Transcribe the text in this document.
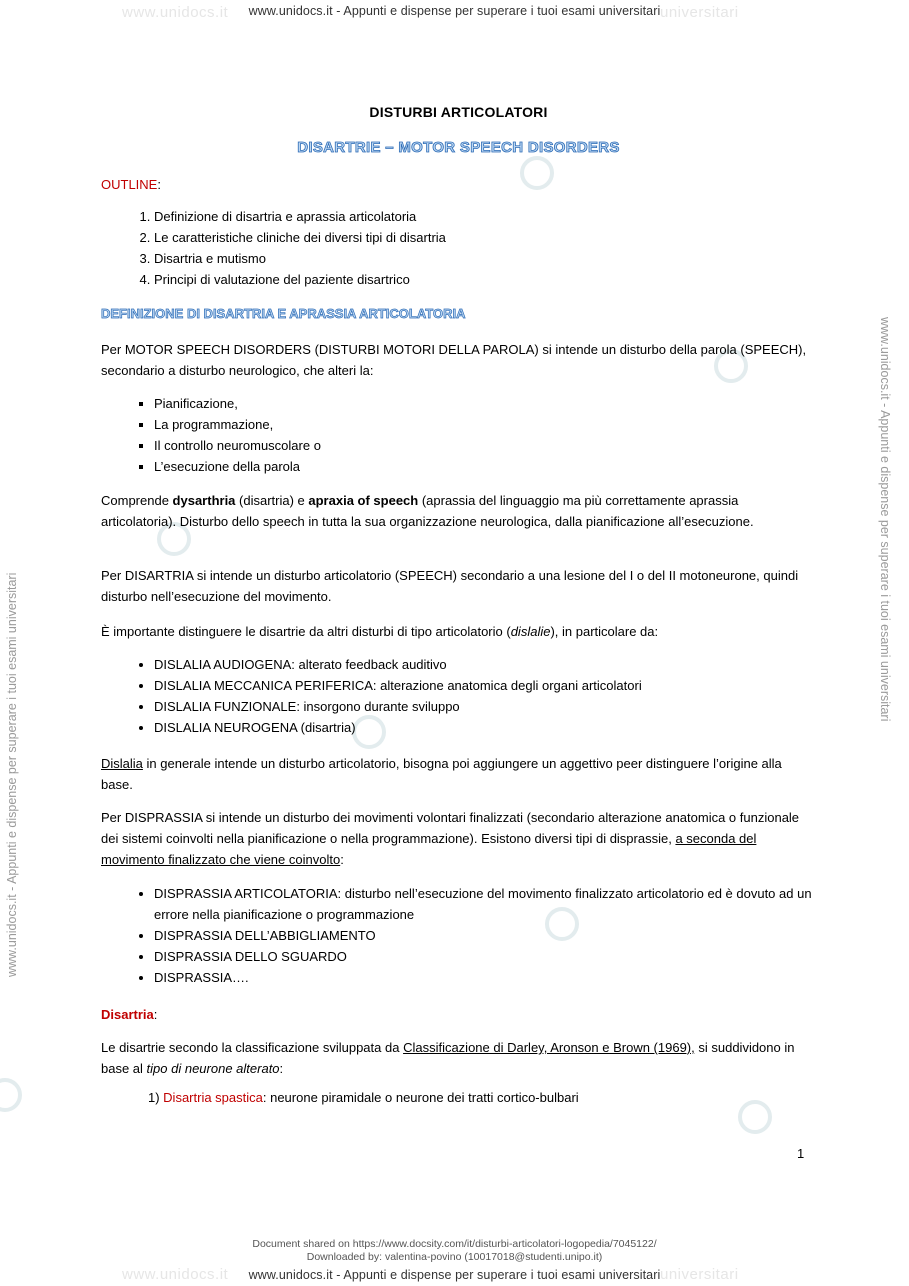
www.unidocs.it	universitari
www.unidocs.it - Appunti e dispense per superare i tuoi esami universitari
www.unidocs.it - Appunti e dispense per superare i tuoi esami universitari
www.unidocs.it - Appunti e dispense per superare i tuoi esami universitari
DISTURBI ARTICOLATORI
DISARTRIE – MOTOR SPEECH DISORDERS
OUTLINE:
1. Definizione di disartria e aprassia articolatoria
2. Le caratteristiche cliniche dei diversi tipi di disartria
3. Disartria e mutismo
4. Principi di valutazione del paziente disartrico
DEFINIZIONE DI DISARTRIA E APRASSIA ARTICOLATORIA
Per MOTOR SPEECH DISORDERS (DISTURBI MOTORI DELLA PAROLA) si intende un disturbo della parola (SPEECH), secondario a disturbo neurologico, che alteri la:
▪ Pianificazione,
▪ La programmazione,
▪ Il controllo neuromuscolare o
▪ L’esecuzione della parola
Comprende dysarthria (disartria) e apraxia of speech (aprassia del linguaggio ma più correttamente aprassia articolatoria). Disturbo dello speech in tutta la sua organizzazione neurologica, dalla pianificazione all’esecuzione.
Per DISARTRIA si intende un disturbo articolatorio (SPEECH) secondario a una lesione del I o del II motoneurone, quindi disturbo nell’esecuzione del movimento.
È importante distinguere le disartrie da altri disturbi di tipo articolatorio (dislalie), in particolare da:
• DISLALIA AUDIOGENA: alterato feedback auditivo
• DISLALIA MECCANICA PERIFERICA: alterazione anatomica degli organi articolatori
• DISLALIA FUNZIONALE: insorgono durante sviluppo
• DISLALIA NEUROGENA (disartria)
Dislalia in generale intende un disturbo articolatorio, bisogna poi aggiungere un aggettivo peer distinguere l’origine alla base.
Per DISPRASSIA si intende un disturbo dei movimenti volontari finalizzati (secondario alterazione anatomica o funzionale dei sistemi coinvolti nella pianificazione o nella programmazione). Esistono diversi tipi di disprassie, a seconda del movimento finalizzato che viene coinvolto:
• DISPRASSIA ARTICOLATORIA: disturbo nell’esecuzione del movimento finalizzato articolatorio ed è dovuto ad un errore nella pianificazione o programmazione
• DISPRASSIA DELL’ABBIGLIAMENTO
• DISPRASSIA DELLO SGUARDO
• DISPRASSIA….
Disartria:
Le disartrie secondo la classificazione sviluppata da Classificazione di Darley, Aronson e Brown (1969), si suddividono in base al tipo di neurone alterato:
1) Disartria spastica: neurone piramidale o neurone dei tratti cortico-bulbari
1
Document shared on https://www.docsity.com/it/disturbi-articolatori-logopedia/7045122/
Downloaded by: valentina-povino (10017018@studenti.unipo.it)
www.unidocs.it	universitari
www.unidocs.it - Appunti e dispense per superare i tuoi esami universitari
